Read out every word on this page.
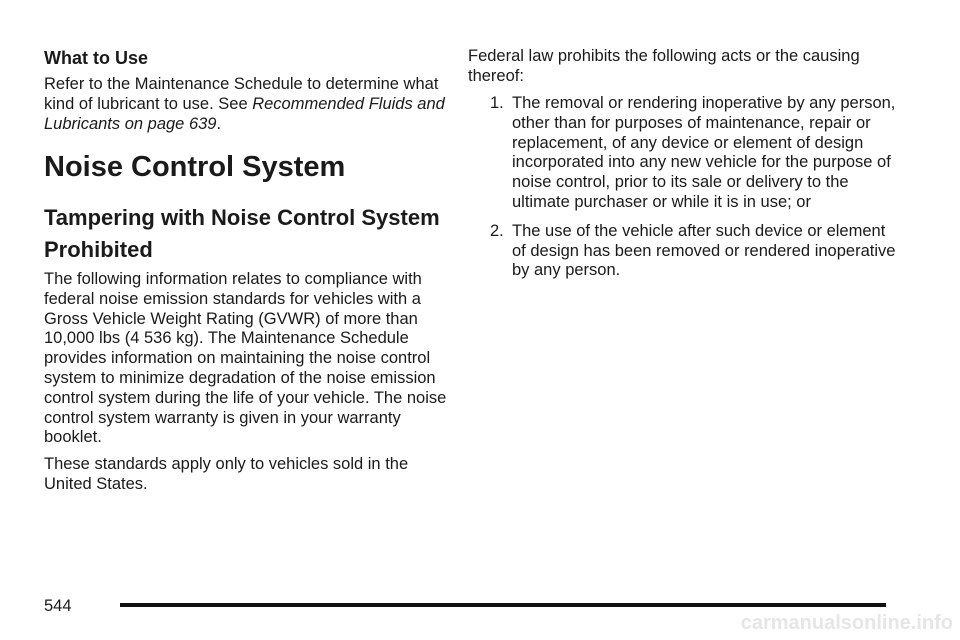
What to Use

Refer to the Maintenance Schedule to determine what kind of lubricant to use. See Recommended Fluids and Lubricants on page 639.

Noise Control System
Tampering with Noise Control System Prohibited

The following information relates to compliance with federal noise emission standards for vehicles with a Gross Vehicle Weight Rating (GVWR) of more than 10,000 lbs (4 536 kg). The Maintenance Schedule provides information on maintaining the noise control system to minimize degradation of the noise emission control system during the life of your vehicle. The noise control system warranty is given in your warranty booklet.

These standards apply only to vehicles sold in the United States.

Federal law prohibits the following acts or the causing thereof:

1. The removal or rendering inoperative by any person, other than for purposes of maintenance, repair or replacement, of any device or element of design incorporated into any new vehicle for the purpose of noise control, prior to its sale or delivery to the ultimate purchaser or while it is in use; or
2. The use of the vehicle after such device or element of design has been removed or rendered inoperative by any person.
544
carmanualsonline.info
